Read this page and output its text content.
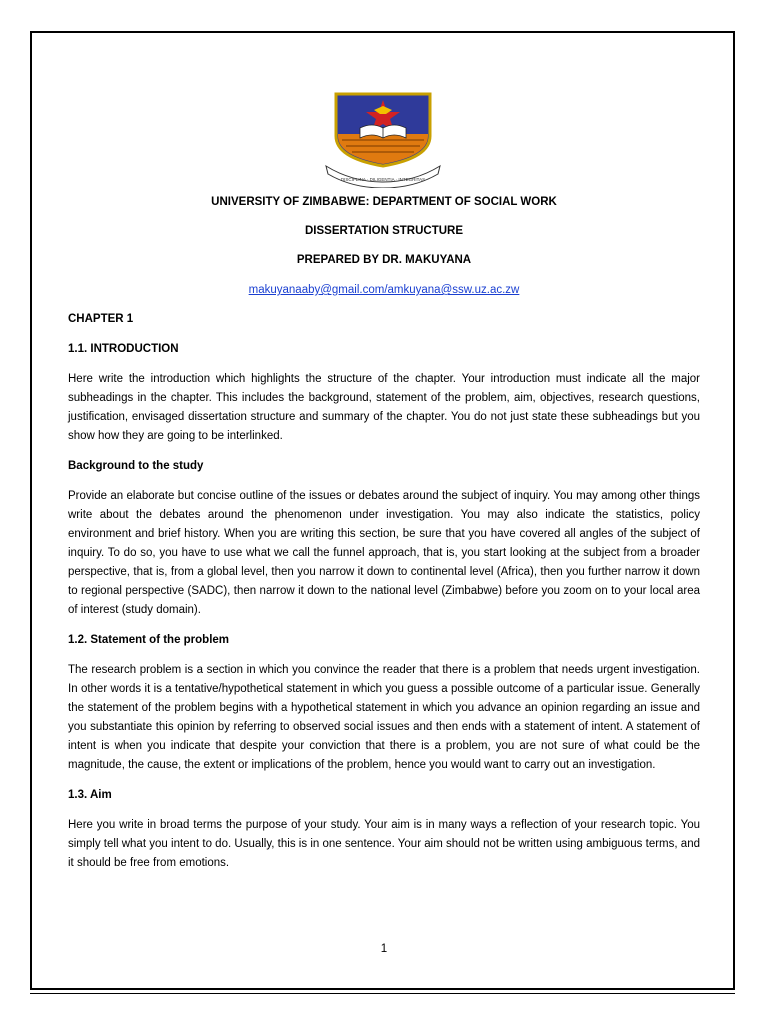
DISCIPLINA · DILIGENTIA · INTEGRITAS
UNIVERSITY OF ZIMBABWE: DEPARTMENT OF SOCIAL WORK
DISSERTATION STRUCTURE
PREPARED BY DR. MAKUYANA
makuyanaaby@gmail.com/amkuyana@ssw.uz.ac.zw
CHAPTER 1
1.1. INTRODUCTION
Here write the introduction which highlights the structure of the chapter. Your introduction must indicate all the major subheadings in the chapter. This includes the background, statement of the problem, aim, objectives, research questions, justification, envisaged dissertation structure and summary of the chapter. You do not just state these subheadings but you show how they are going to be interlinked.
Background to the study
Provide an elaborate but concise outline of the issues or debates around the subject of inquiry. You may among other things write about the debates around the phenomenon under investigation. You may also indicate the statistics, policy environment and brief history. When you are writing this section, be sure that you have covered all angles of the subject of inquiry. To do so, you have to use what we call the funnel approach, that is, you start looking at the subject from a broader perspective, that is, from a global level, then you narrow it down to continental level (Africa), then you further narrow it down to regional perspective (SADC), then narrow it down to the national level (Zimbabwe) before you zoom on to your local area of interest (study domain).
1.2. Statement of the problem
The research problem is a section in which you convince the reader that there is a problem that needs urgent investigation. In other words it is a tentative/hypothetical statement in which you guess a possible outcome of a particular issue. Generally the statement of the problem begins with a hypothetical statement in which you advance an opinion regarding an issue and you substantiate this opinion by referring to observed social issues and then ends with a statement of intent. A statement of intent is when you indicate that despite your conviction that there is a problem, you are not sure of what could be the magnitude, the cause, the extent or implications of the problem, hence you would want to carry out an investigation.
1.3. Aim
Here you write in broad terms the purpose of your study. Your aim is in many ways a reflection of your research topic. You simply tell what you intent to do. Usually, this is in one sentence. Your aim should not be written using ambiguous terms, and it should be free from emotions.
1
